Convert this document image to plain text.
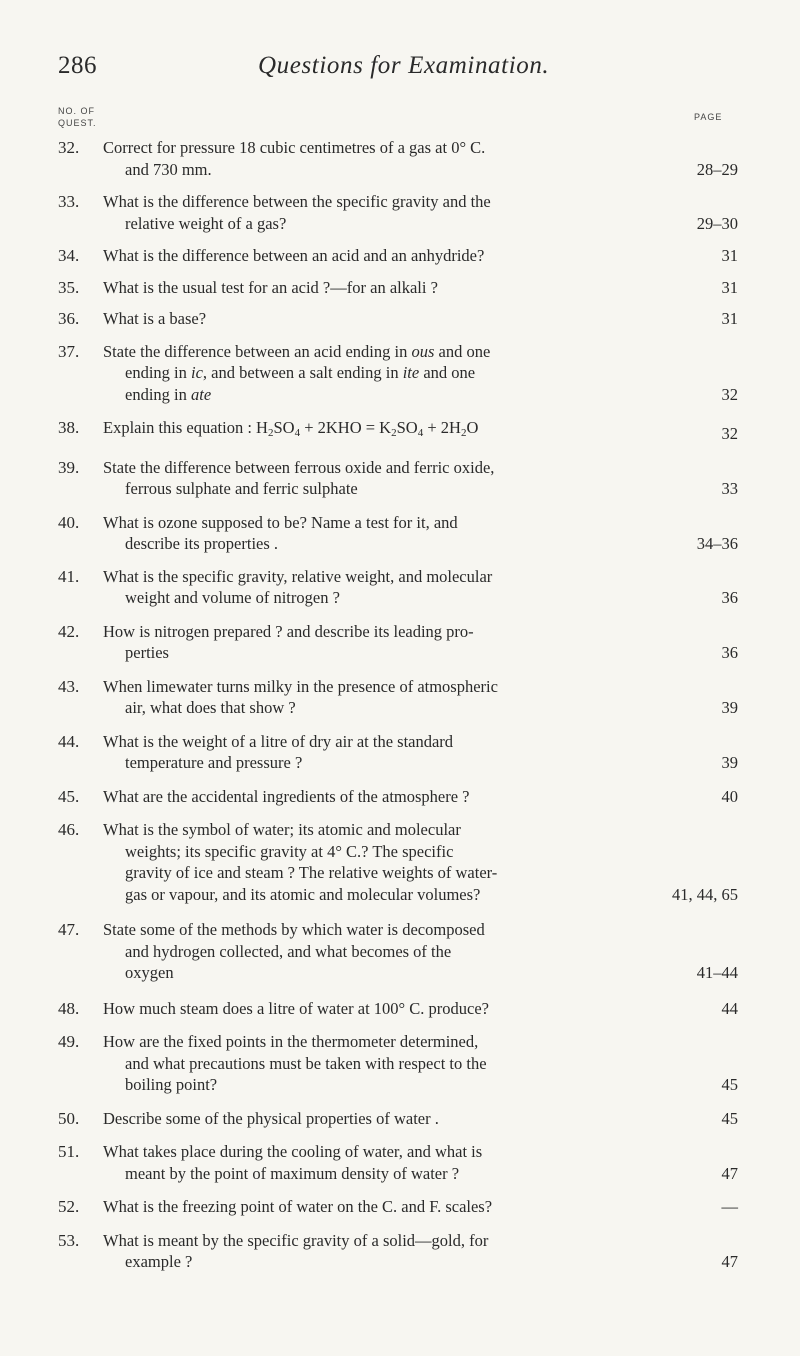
286	Questions for Examination.
NO. OF
QUEST.
PAGE
32. Correct for pressure 18 cubic centimetres of a gas at 0° C.
and 730 mm.	28–29
33. What is the difference between the specific gravity and the
relative weight of a gas?	29–30
34. What is the difference between an acid and an anhydride?	31
35. What is the usual test for an acid ?—for an alkali ?	31
36. What is a base?	31
37. State the difference between an acid ending in ous and one
ending in ic, and between a salt ending in ite and one
ending in ate	32
38. Explain this equation : $H_2SO_4 + 2KHO = K_2SO_4 + 2H_2O$	32
39. State the difference between ferrous oxide and ferric oxide,
ferrous sulphate and ferric sulphate	33
40. What is ozone supposed to be? Name a test for it, and
describe its properties .	34–36
41. What is the specific gravity, relative weight, and molecular
weight and volume of nitrogen ?	36
42. How is nitrogen prepared ? and describe its leading pro-
perties	36
43. When limewater turns milky in the presence of atmospheric
air, what does that show ?	39
44. What is the weight of a litre of dry air at the standard
temperature and pressure ?	39
45. What are the accidental ingredients of the atmosphere ?	40
46. What is the symbol of water; its atomic and molecular
weights; its specific gravity at 4° C.? The specific
gravity of ice and steam ? The relative weights of water-
gas or vapour, and its atomic and molecular volumes?	41, 44, 65
47. State some of the methods by which water is decomposed
and hydrogen collected, and what becomes of the
oxygen	41–44
48. How much steam does a litre of water at 100° C. produce?	44
49. How are the fixed points in the thermometer determined,
and what precautions must be taken with respect to the
boiling point?	45
50. Describe some of the physical properties of water .	45
51. What takes place during the cooling of water, and what is
meant by the point of maximum density of water ?	47
52. What is the freezing point of water on the C. and F. scales?	—
53. What is meant by the specific gravity of a solid—gold, for
example ?	47
